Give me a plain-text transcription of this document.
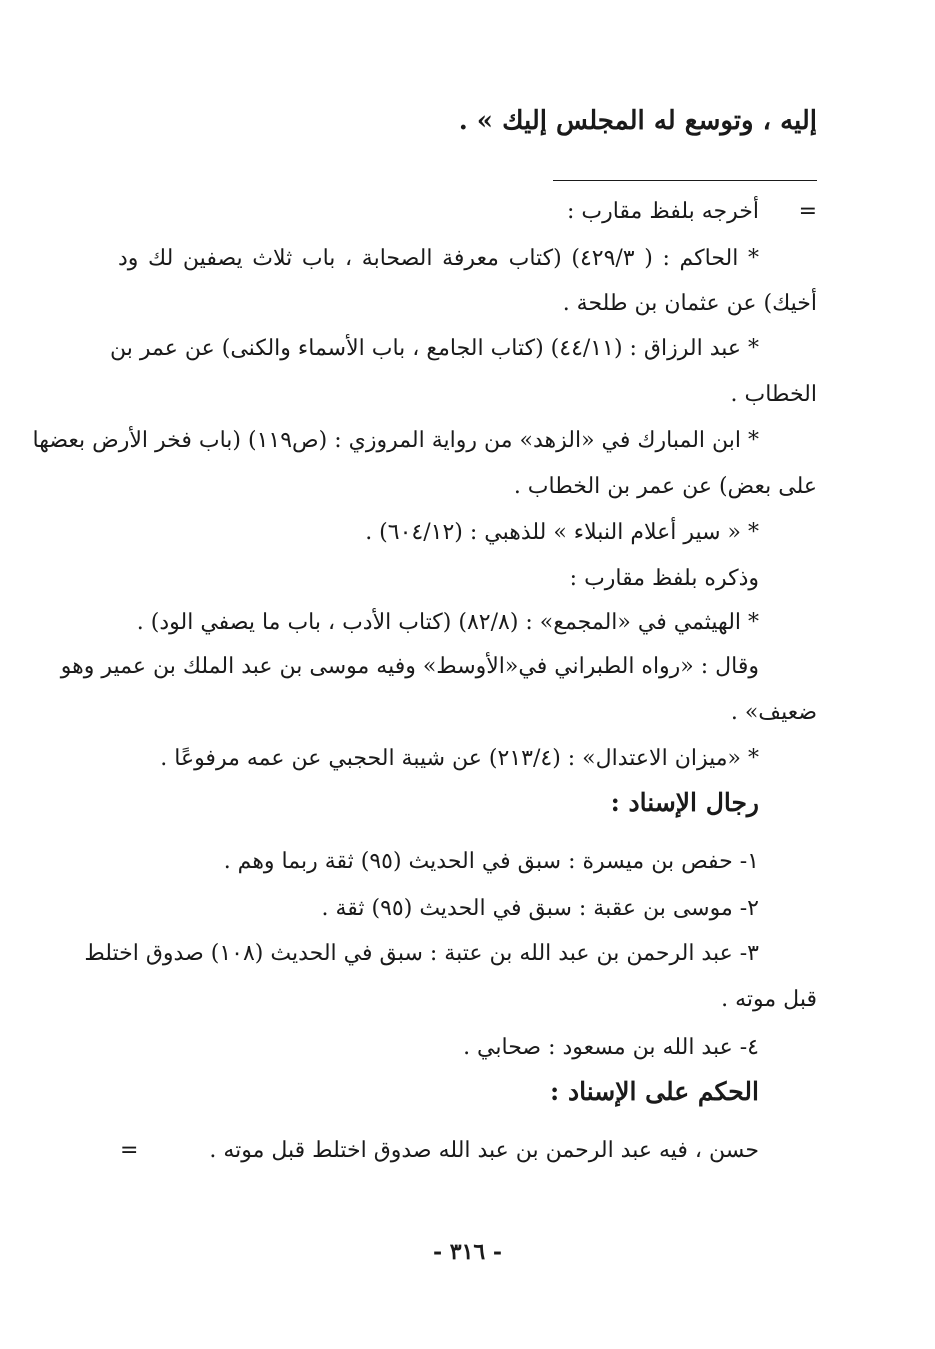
إليه ، وتوسع له المجلس إليك » .
=
أخرجه بلفظ مقارب :
* الحاكم : ( ٤٢٩/٣) (كتاب معرفة الصحابة ، باب ثلاث يصفين لك ود
أخيك) عن عثمان بن طلحة .
* عبد الرزاق : (٤٤/١١) (كتاب الجامع ، باب الأسماء والكنى) عن عمر بن
الخطاب .
* ابن المبارك في «الزهد» من رواية المروزي : (ص١١٩) (باب فخر الأرض بعضها
على بعض) عن عمر بن الخطاب .
* « سير أعلام النبلاء » للذهبي : (٦٠٤/١٢) .
وذكره بلفظ مقارب :
* الهيثمي في «المجمع» : (٨٢/٨) (كتاب الأدب ، باب ما يصفي الود) .
وقال : «رواه الطبراني في«الأوسط» وفيه موسى بن عبد الملك بن عمير وهو
ضعيف» .
* «ميزان الاعتدال» : (٢١٣/٤) عن شيبة الحجبي عن عمه مرفوعًا .
رجال الإسناد :
١- حفص بن ميسرة : سبق في الحديث (٩٥) ثقة ربما وهم .
٢- موسى بن عقبة : سبق في الحديث (٩٥) ثقة .
٣- عبد الرحمن بن عبد الله بن عتبة : سبق في الحديث (١٠٨) صدوق اختلط
قبل موته .
٤- عبد الله بن مسعود : صحابي .
الحكم على الإسناد :
حسن ، فيه عبد الرحمن بن عبد الله صدوق اختلط قبل موته .
=
- ٣١٦ -
